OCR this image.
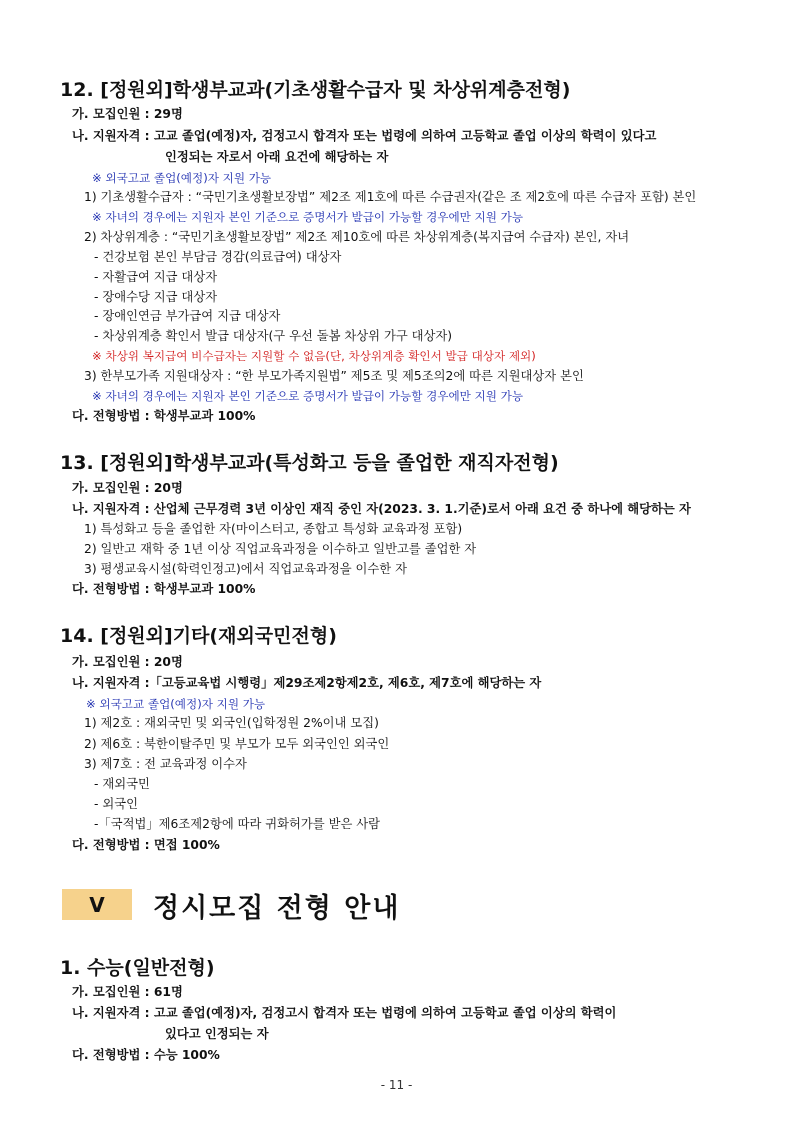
12. [정원외]학생부교과(기초생활수급자 및 차상위계층전형)
가. 모집인원 : 29명
나. 지원자격 : 고교 졸업(예정)자, 검정고시 합격자 또는 법령에 의하여 고등학교 졸업 이상의 학력이 있다고
인정되는 자로서 아래 요건에 해당하는 자
※ 외국고교 졸업(예정)자 지원 가능
1) 기초생활수급자 : “국민기초생활보장법” 제2조 제1호에 따른 수급권자(같은 조 제2호에 따른 수급자 포함) 본인
※ 자녀의 경우에는 지원자 본인 기준으로 증명서가 발급이 가능할 경우에만 지원 가능
2) 차상위계층 : “국민기초생활보장법” 제2조 제10호에 따른 차상위계층(복지급여 수급자) 본인, 자녀
- 건강보험 본인 부담금 경감(의료급여) 대상자
- 자활급여 지급 대상자
- 장애수당 지급 대상자
- 장애인연금 부가급여 지급 대상자
- 차상위계층 확인서 발급 대상자(구 우선 돌봄 차상위 가구 대상자)
※ 차상위 복지급여 비수급자는 지원할 수 없음(단, 차상위계층 확인서 발급 대상자 제외)
3) 한부모가족 지원대상자 : “한 부모가족지원법” 제5조 및 제5조의2에 따른 지원대상자 본인
※ 자녀의 경우에는 지원자 본인 기준으로 증명서가 발급이 가능할 경우에만 지원 가능
다. 전형방법 : 학생부교과 100%
13. [정원외]학생부교과(특성화고 등을 졸업한 재직자전형)
가. 모집인원 : 20명
나. 지원자격 : 산업체 근무경력 3년 이상인 재직 중인 자(2023. 3. 1.기준)로서 아래 요건 중 하나에 해당하는 자
1) 특성화고 등을 졸업한 자(마이스터고, 종합고 특성화 교육과정 포함)
2) 일반고 재학 중 1년 이상 직업교육과정을 이수하고 일반고를 졸업한 자
3) 평생교육시설(학력인정고)에서 직업교육과정을 이수한 자
다. 전형방법 : 학생부교과 100%
14. [정원외]기타(재외국민전형)
가. 모집인원 : 20명
나. 지원자격 :「고등교육법 시행령」제29조제2항제2호, 제6호, 제7호에 해당하는 자
※ 외국고교 졸업(예정)자 지원 가능
1) 제2호 : 재외국민 및 외국인(입학정원 2%이내 모집)
2) 제6호 : 북한이탈주민 및 부모가 모두 외국인인 외국인
3) 제7호 : 전 교육과정 이수자
- 재외국민
- 외국인
-「국적법」제6조제2항에 따라 귀화허가를 받은 사람
다. 전형방법 : 면접 100%
V	정시모집 전형 안내
1. 수능(일반전형)
가. 모집인원 : 61명
나. 지원자격 : 고교 졸업(예정)자, 검정고시 합격자 또는 법령에 의하여 고등학교 졸업 이상의 학력이
있다고 인정되는 자
다. 전형방법 : 수능 100%
- 11 -
